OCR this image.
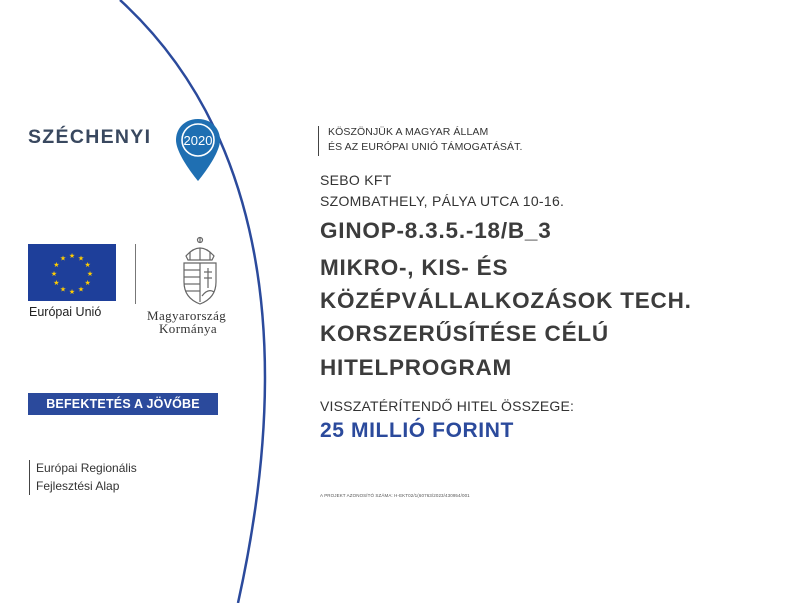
SZÉCHENYI 2020
★ ★
★
★
★
★
★
★
★
★
★
★
Európai Unió	Magyarország
Kormánya
BEFEKTETÉS A JÖVŐBE
Európai Regionális
Fejlesztési Alap
KÖSZÖNJÜK A MAGYAR ÁLLAM
ÉS AZ EURÓPAI UNIÓ TÁMOGATÁSÁT.
SEBO KFT
SZOMBATHELY, PÁLYA UTCA 10-16.
GINOP-8.3.5.-18/B_3
MIKRO-, KIS- ÉS
KÖZÉPVÁLLALKOZÁSOK TECH.
KORSZERŰSÍTÉSE CÉLÚ
HITELPROGRAM
VISSZATÉRÍTENDŐ HITEL ÖSSZEGE:
25 MILLIÓ FORINT
A PROJEKT AZONOSÍTÓ SZÁMA: H-EKT02/1(60763/2023/430954/001
